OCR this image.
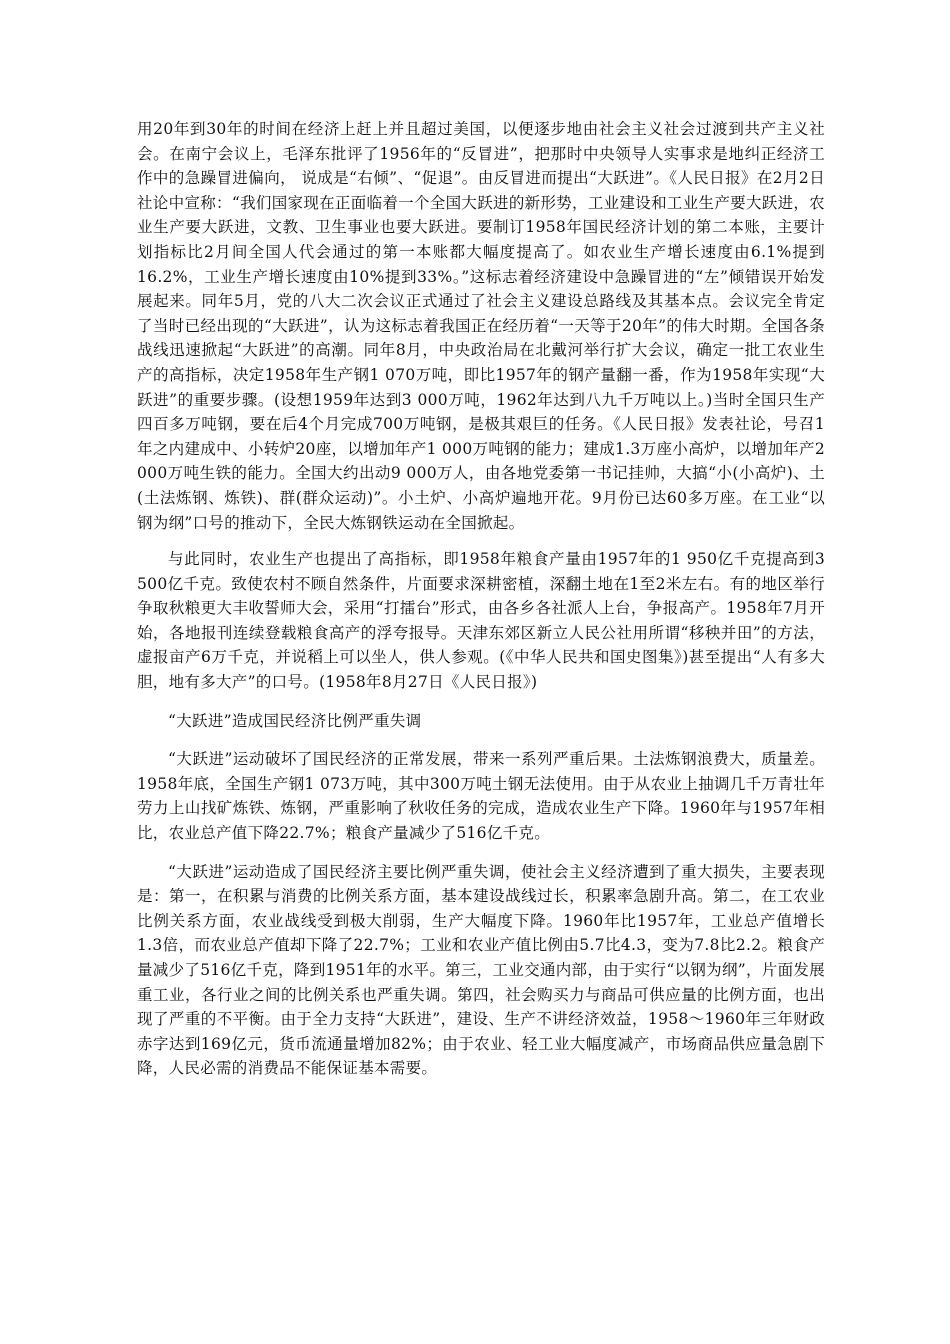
用20年到30年的时间在经济上赶上并且超过美国，以便逐步地由社会主义社会过渡到共产主义社会。在南宁会议上，毛泽东批评了1956年的“反冒进”，把那时中央领导人实事求是地纠正经济工作中的急躁冒进偏向， 说成是“右倾”、“促退”。由反冒进而提出“大跃进”。《人民日报》在2月2日社论中宣称：“我们国家现在正面临着一个全国大跃进的新形势，工业建设和工业生产要大跃进，农业生产要大跃进，文教、卫生事业也要大跃进。要制订1958年国民经济计划的第二本账，主要计划指标比2月间全国人代会通过的第一本账都大幅度提高了。如农业生产增长速度由6.1%提到16.2%，工业生产增长速度由10%提到33%。”这标志着经济建设中急躁冒进的“左”倾错误开始发展起来。同年5月，党的八大二次会议正式通过了社会主义建设总路线及其基本点。会议完全肯定了当时已经出现的“大跃进”，认为这标志着我国正在经历着“一天等于20年”的伟大时期。全国各条战线迅速掀起“大跃进”的高潮。同年8月，中央政治局在北戴河举行扩大会议，确定一批工农业生产的高指标，决定1958年生产钢1 070万吨，即比1957年的钢产量翻一番，作为1958年实现“大跃进”的重要步骤。(设想1959年达到3 000万吨，1962年达到八九千万吨以上。)当时全国只生产四百多万吨钢，要在后4个月完成700万吨钢，是极其艰巨的任务。《人民日报》发表社论，号召1年之内建成中、小转炉20座，以增加年产1 000万吨钢的能力；建成1.3万座小高炉，以增加年产2 000万吨生铁的能力。全国大约出动9 000万人，由各地党委第一书记挂帅，大搞“小(小高炉)、土(土法炼钢、炼铁)、群(群众运动)”。小土炉、小高炉遍地开花。9月份已达60多万座。在工业“以钢为纲”口号的推动下，全民大炼钢铁运动在全国掀起。

与此同时，农业生产也提出了高指标，即1958年粮食产量由1957年的1 950亿千克提高到3 500亿千克。致使农村不顾自然条件，片面要求深耕密植，深翻土地在1至2米左右。有的地区举行争取秋粮更大丰收誓师大会，采用“打擂台”形式，由各乡各社派人上台，争报高产。1958年7月开始，各地报刊连续登载粮食高产的浮夸报导。天津东郊区新立人民公社用所谓“移秧并田”的方法，虚报亩产6万千克，并说稻上可以坐人，供人参观。(《中华人民共和国史图集》)甚至提出“人有多大胆，地有多大产”的口号。(1958年8月27日《人民日报》)

“大跃进”造成国民经济比例严重失调

“大跃进”运动破坏了国民经济的正常发展，带来一系列严重后果。土法炼钢浪费大，质量差。1958年底，全国生产钢1 073万吨，其中300万吨土钢无法使用。由于从农业上抽调几千万青壮年劳力上山找矿炼铁、炼钢，严重影响了秋收任务的完成，造成农业生产下降。1960年与1957年相比，农业总产值下降22.7%；粮食产量减少了516亿千克。

“大跃进”运动造成了国民经济主要比例严重失调，使社会主义经济遭到了重大损失，主要表现是：第一，在积累与消费的比例关系方面，基本建设战线过长，积累率急剧升高。第二，在工农业比例关系方面，农业战线受到极大削弱，生产大幅度下降。1960年比1957年，工业总产值增长1.3倍，而农业总产值却下降了22.7%；工业和农业产值比例由5.7比4.3，变为7.8比2.2。粮食产量减少了516亿千克，降到1951年的水平。第三，工业交通内部，由于实行“以钢为纲”，片面发展重工业，各行业之间的比例关系也严重失调。第四，社会购买力与商品可供应量的比例方面，也出现了严重的不平衡。由于全力支持“大跃进”，建设、生产不讲经济效益，1958～1960年三年财政赤字达到169亿元，货币流通量增加82%；由于农业、轻工业大幅度减产，市场商品供应量急剧下降，人民必需的消费品不能保证基本需要。
